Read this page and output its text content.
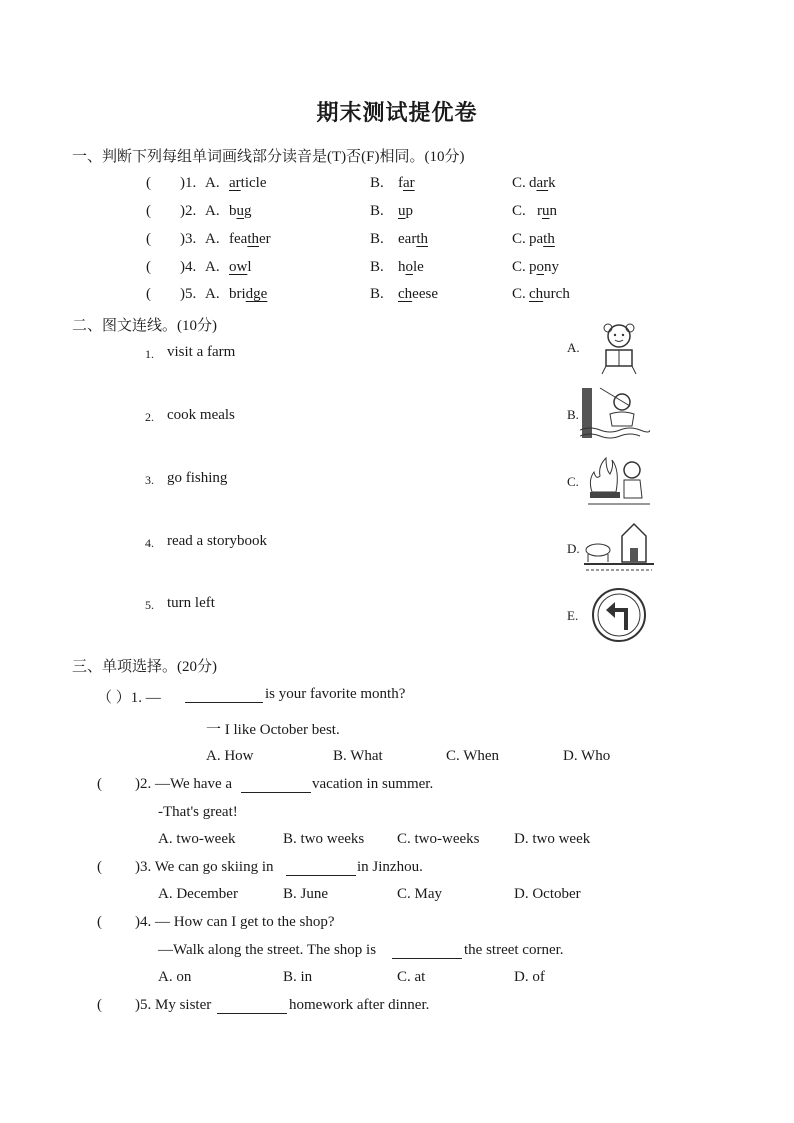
期末测试提优卷
一、判断下列每组单词画线部分读音是(T)否(F)相同。(10分)
( )1. A. article	B. far	C. dark
( )2. A. bug	B. up	C. run
( )3. A. feather	B. earth	C. path
( )4. A. owl	B. hole	C. pony
( )5. A. bridge	B. cheese	C. church
二、图文连线。(10分)
1. visit a farm
2. cook meals
3. go fishing
4. read a storybook
5. turn left
A.
B.
C.
D.
E.
三、单项选择。(20分)
（ ）1. —	is your favorite month?
一 I like October best.
A. How	B. What	C. When	D. Who
( )2. —We have a	vacation in summer.
-That's great!
A. two-week	B. two weeks C. two-weeks D. two week
( )3. We can go skiing in	in Jinzhou.
A. December	B. June	C. May	D. October
( )4. — How can I get to the shop?
—Walk along the street. The shop is	the street corner.
A. on	B. in	C. at	D. of
( )5. My sister	homework after dinner.
